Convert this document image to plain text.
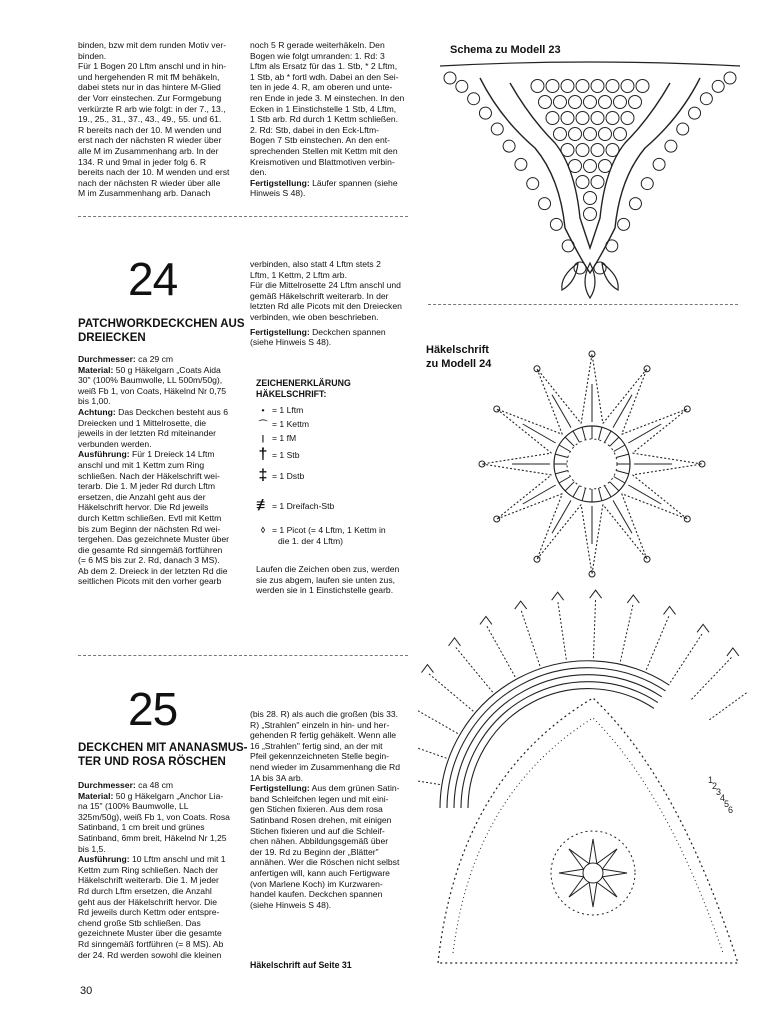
binden, bzw mit dem runden Motiv ver-

binden.

Für 1 Bogen 20 Lftm anschl und in hin-

und hergehenden R mit fM behäkeln,

dabei stets nur in das hintere M-Glied

der Vorr einstechen. Zur Formgebung

verkürzte R arb wie folgt: in der 7., 13.,

19., 25., 31., 37., 43., 49., 55. und 61.

R bereits nach der 10. M wenden und

erst nach der nächsten R wieder über

alle M im Zusammenhang arb. In der

134. R und 9mal in jeder folg 6. R

bereits nach der 10. M wenden und erst

nach der nächsten R wieder über alle

M im Zusammenhang arb. Danach

noch 5 R gerade weiterhäkeln. Den

Bogen wie folgt umranden: 1. Rd: 3

Lftm als Ersatz für das 1. Stb, * 2 Lftm,

1 Stb, ab * fortl wdh. Dabei an den Sei-

ten in jede 4. R, am oberen und unte-

ren Ende in jede 3. M einstechen. In den

Ecken in 1 Einstichstelle 1 Stb, 4 Lftm,

1 Stb arb. Rd durch 1 Kettm schließen.

2. Rd: Stb, dabei in den Eck-Lftm-

Bogen 7 Stb einstechen. An den ent-

sprechenden Stellen mit Kettm mit den

Kreismotiven und Blattmotiven verbin-

den.

Fertigstellung: Läufer spannen (siehe

Hinweis S 48).

Schema zu Modell 23
24
PATCHWORKDECKCHEN AUS
DREIECKEN

Durchmesser: ca 29 cm

Material: 50 g Häkelgarn „Coats Aida

30" (100% Baumwolle, LL 500m/50g),

weiß Fb 1, von Coats, Häkelnd Nr 0,75

bis 1,00.

Achtung: Das Deckchen besteht aus 6

Dreiecken und 1 Mittelrosette, die

jeweils in der letzten Rd miteinander

verbunden werden.

Ausführung: Für 1 Dreieck 14 Lftm

anschl und mit 1 Kettm zum Ring

schließen. Nach der Häkelschrift wei-

terarb. Die 1. M jeder Rd durch Lftm

ersetzen, die Anzahl geht aus der

Häkelschrift hervor. Die Rd jeweils

durch Kettm schließen. Evtl mit Kettm

bis zum Beginn der nächsten Rd wei-

tergehen. Das gezeichnete Muster über

die gesamte Rd sinngemäß fortführen

(= 6 MS bis zur 2. Rd, danach 3 MS).

Ab dem 2. Dreieck in der letzten Rd die

seitlichen Picots mit den vorher gearb

verbinden, also statt 4 Lftm stets 2

Lftm, 1 Kettm, 2 Lftm arb.

Für die Mittelrosette 24 Lftm anschl und

gemäß Häkelschrift weiterarb. In der

letzten Rd alle Picots mit den Dreiecken

verbinden, wie oben beschrieben.

Fertigstellung: Deckchen spannen

(siehe Hinweis S 48).

ZEICHENERKLÄRUNG
HÄKELSCHRIFT:
• = 1 Lftm
⌒ = 1 Kettm
| = 1 fM
† = 1 Stb
‡ = 1 Dstb
≢ = 1 Dreifach-Stb
◊ = 1 Picot (= 4 Lftm, 1 Kettm in
die 1. der 4 Lftm)

Laufen die Zeichen oben zus, werden

sie zus abgem, laufen sie unten zus,

werden sie in 1 Einstichstelle gearb.

Häkelschrift
zu Modell 24
25
DECKCHEN MIT ANANASMUS-
TER UND ROSA RÖSCHEN

Durchmesser: ca 48 cm

Material: 50 g Häkelgarn „Anchor Lia-

na 15" (100% Baumwolle, LL

325m/50g), weiß Fb 1, von Coats. Rosa

Satinband, 1 cm breit und grünes

Satinband, 6mm breit, Häkelnd Nr 1,25

bis 1,5.

Ausführung: 10 Lftm anschl und mit 1

Kettm zum Ring schließen. Nach der

Häkelschrift weiterarb. Die 1. M jeder

Rd durch Lftm ersetzen, die Anzahl

geht aus der Häkelschrift hervor. Die

Rd jeweils durch Kettm oder entspre-

chend große Stb schließen. Das

gezeichnete Muster über die gesamte

Rd sinngemäß fortführen (= 8 MS). Ab

der 24. Rd werden sowohl die kleinen

(bis 28. R) als auch die großen (bis 33.

R) „Strahlen" einzeln in hin- und her-

gehenden R fertig gehäkelt. Wenn alle

16 „Strahlen" fertig sind, an der mit

Pfeil gekennzeichneten Stelle begin-

nend wieder im Zusammenhang die Rd

1A bis 3A arb.

Fertigstellung: Aus dem grünen Satin-

band Schleifchen legen und mit eini-

gen Stichen fixieren. Aus dem rosa

Satinband Rosen drehen, mit einigen

Stichen fixieren und auf die Schleif-

chen nähen. Abbildungsgemäß über

der 19. Rd zu Beginn der „Blätter"

annähen. Wer die Röschen nicht selbst

anfertigen will, kann auch Fertigware

(von Marlene Koch) im Kurzwaren-

handel kaufen. Deckchen spannen

(siehe Hinweis S 48).

Häkelschrift auf Seite 31
1
2
3
4
5
6
30
